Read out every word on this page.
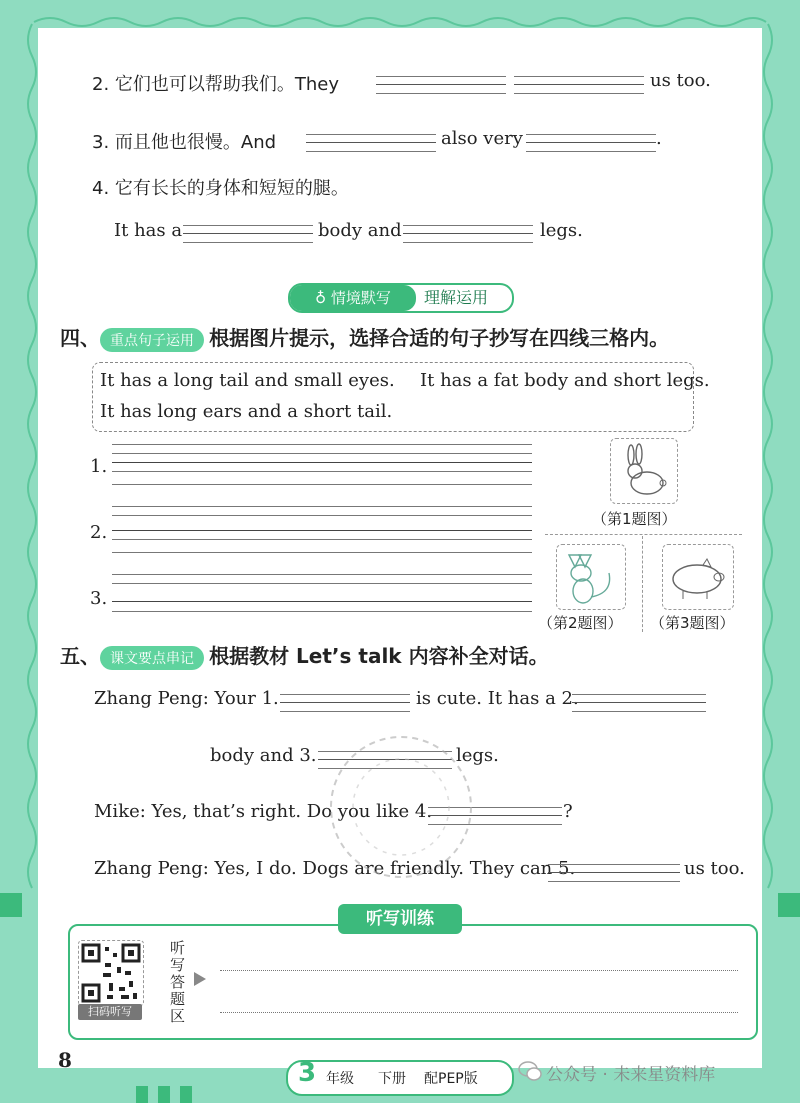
2. 它们也可以帮助我们。They	us too.
3. 而且他也很慢。And	also very	.
4. 它有长长的身体和短短的腿。
It has a	body and	legs.
♁ 情境默写	理解运用
四、 重点句子运用 根据图片提示，选择合适的句子抄写在四线三格内。
It has a long tail and small eyes. It has a fat body and short legs.
It has long ears and a short tail.
1.
2.
3.
（第1题图）
（第2题图） （第3题图）
五、 课文要点串记 根据教材 Let’s talk 内容补全对话。
Zhang Peng: Your 1.	is cute. It has a 2.
body and 3.	legs.
Mike: Yes, that’s right. Do you like 4.	?
Zhang Peng: Yes, I do. Dogs are friendly. They can 5.	us too.
听写训练
扫码听写
听写答题区
8	3 年级 下册 配PEP版	公众号 · 未来星资料库
